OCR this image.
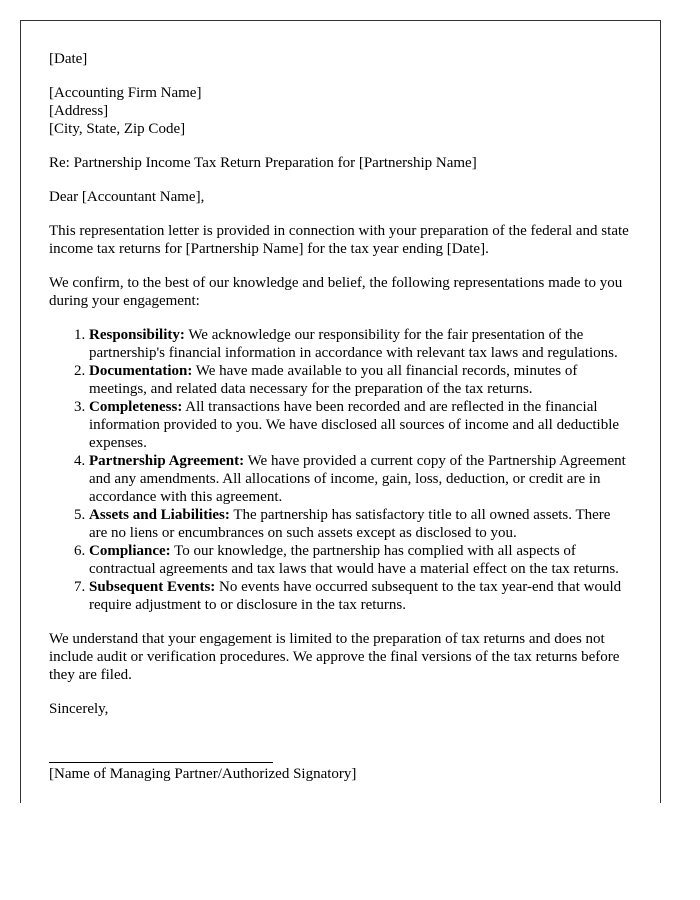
[Date]

[Accounting Firm Name]
[Address]
[City, State, Zip Code]

Re: Partnership Income Tax Return Preparation for [Partnership Name]

Dear [Accountant Name],

This representation letter is provided in connection with your preparation of the federal and state income tax returns for [Partnership Name] for the tax year ending [Date].

We confirm, to the best of our knowledge and belief, the following representations made to you during your engagement:

1. Responsibility: We acknowledge our responsibility for the fair presentation of the partnership's financial information in accordance with relevant tax laws and regulations.
2. Documentation: We have made available to you all financial records, minutes of meetings, and related data necessary for the preparation of the tax returns.
3. Completeness: All transactions have been recorded and are reflected in the financial information provided to you. We have disclosed all sources of income and all deductible expenses.
4. Partnership Agreement: We have provided a current copy of the Partnership Agreement and any amendments. All allocations of income, gain, loss, deduction, or credit are in accordance with this agreement.
5. Assets and Liabilities: The partnership has satisfactory title to all owned assets. There are no liens or encumbrances on such assets except as disclosed to you.
6. Compliance: To our knowledge, the partnership has complied with all aspects of contractual agreements and tax laws that would have a material effect on the tax returns.
7. Subsequent Events: No events have occurred subsequent to the tax year-end that would require adjustment to or disclosure in the tax returns.

We understand that your engagement is limited to the preparation of tax returns and does not include audit or verification procedures. We approve the final versions of the tax returns before they are filed.

Sincerely,

[Name of Managing Partner/Authorized Signatory]
